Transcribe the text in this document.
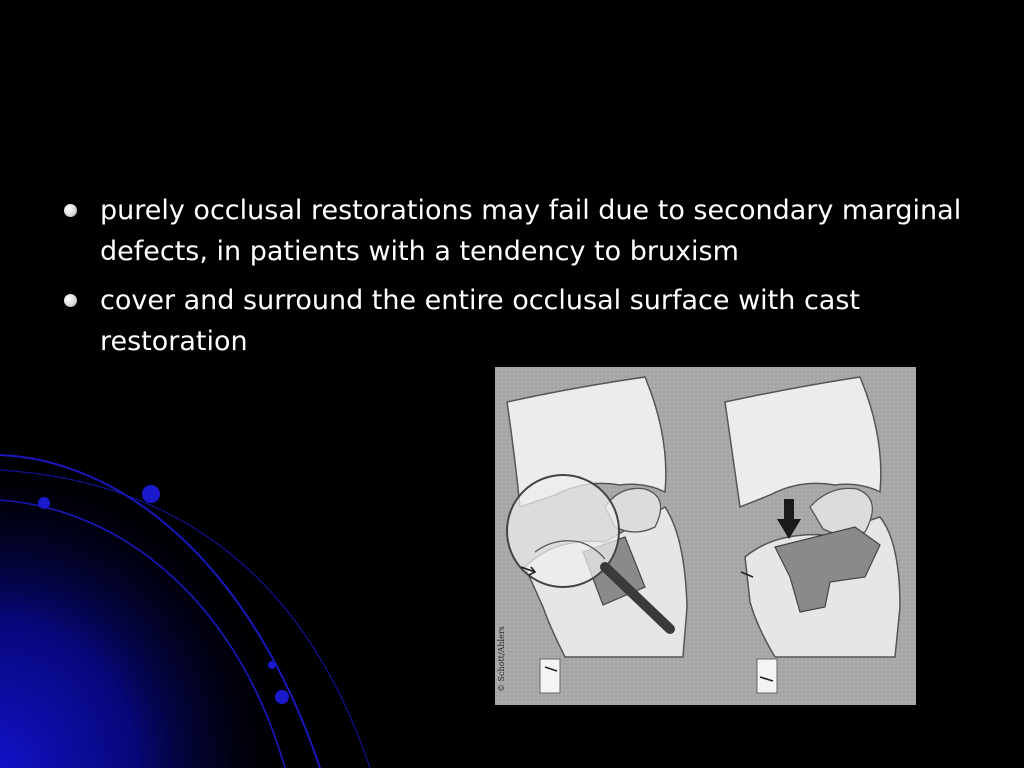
purely occlusal restorations may fail due to secondary marginal defects, in patients with a tendency to bruxism
cover and surround the entire occlusal surface with cast restoration
© Schott/Ahlers
